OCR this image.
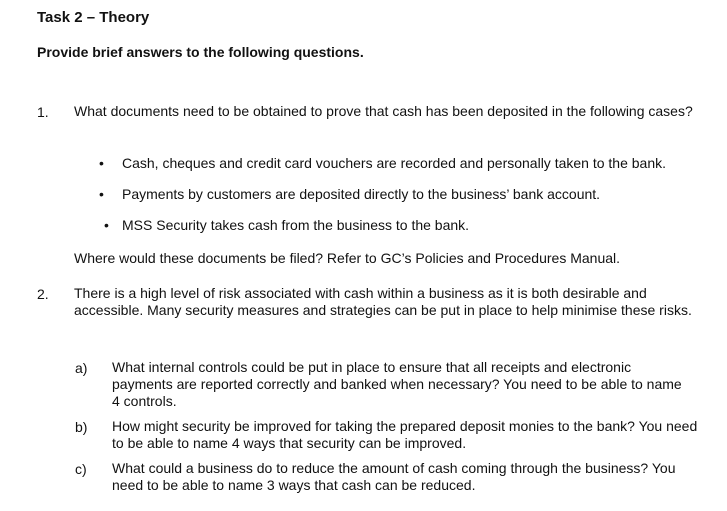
Task 2 – Theory
Provide brief answers to the following questions.
1. What documents need to be obtained to prove that cash has been deposited in the following cases?
• Cash, cheques and credit card vouchers are recorded and personally taken to the bank.
• Payments by customers are deposited directly to the business’ bank account.
• MSS Security takes cash from the business to the bank.
Where would these documents be filed? Refer to GC’s Policies and Procedures Manual.
2. There is a high level of risk associated with cash within a business as it is both desirable and accessible. Many security measures and strategies can be put in place to help minimise these risks.
a) What internal controls could be put in place to ensure that all receipts and electronic payments are reported correctly and banked when necessary? You need to be able to name 4 controls.
b) How might security be improved for taking the prepared deposit monies to the bank? You need to be able to name 4 ways that security can be improved.
c) What could a business do to reduce the amount of cash coming through the business? You need to be able to name 3 ways that cash can be reduced.
